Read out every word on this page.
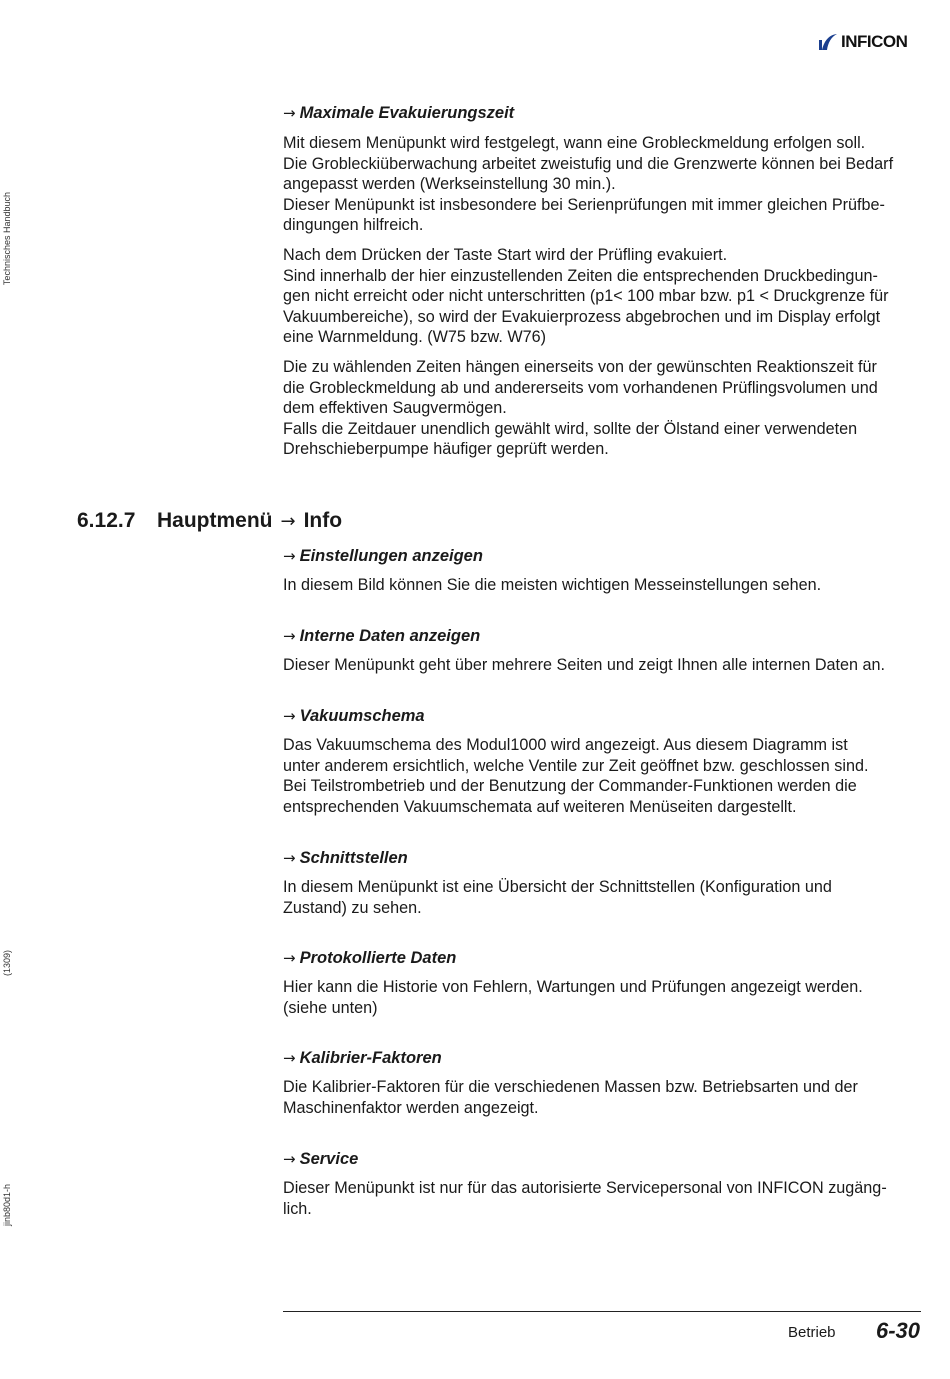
INFICON
Technisches Handbuch
(1309)
jinb80d1-h
→ Maximale Evakuierungszeit

Mit diesem Menüpunkt wird festgelegt, wann eine Grobleckmeldung erfolgen soll.
Die Grobleckiüberwachung arbeitet zweistufig und die Grenzwerte können bei Bedarf
angepasst werden (Werkseinstellung 30 min.).
Dieser Menüpunkt ist insbesondere bei Serienprüfungen mit immer gleichen Prüfbe-
dingungen hilfreich.

Nach dem Drücken der Taste Start wird der Prüfling evakuiert.
Sind innerhalb der hier einzustellenden Zeiten die entsprechenden Druckbedingun-
gen nicht erreicht oder nicht unterschritten (p1< 100 mbar bzw. p1 < Druckgrenze für
Vakuumbereiche), so wird der Evakuierprozess abgebrochen und im Display erfolgt
eine Warnmeldung. (W75 bzw. W76)

Die zu wählenden Zeiten hängen einerseits von der gewünschten Reaktionszeit für
die Grobleckmeldung ab und andererseits vom vorhandenen Prüflingsvolumen und
dem effektiven Saugvermögen.
Falls die Zeitdauer unendlich gewählt wird, sollte der Ölstand einer verwendeten
Drehschieberpumpe häufiger geprüft werden.

6.12.7 Hauptmenü → Info
→ Einstellungen anzeigen

In diesem Bild können Sie die meisten wichtigen Messeinstellungen sehen.

→ Interne Daten anzeigen

Dieser Menüpunkt geht über mehrere Seiten und zeigt Ihnen alle internen Daten an.

→ Vakuumschema

Das Vakuumschema des Modul1000 wird angezeigt. Aus diesem Diagramm ist
unter anderem ersichtlich, welche Ventile zur Zeit geöffnet bzw. geschlossen sind.
Bei Teilstrombetrieb und der Benutzung der Commander-Funktionen werden die
entsprechenden Vakuumschemata auf weiteren Menüseiten dargestellt.

→ Schnittstellen

In diesem Menüpunkt ist eine Übersicht der Schnittstellen (Konfiguration und
Zustand) zu sehen.

→ Protokollierte Daten

Hier kann die Historie von Fehlern, Wartungen und Prüfungen angezeigt werden.
(siehe unten)

→ Kalibrier-Faktoren

Die Kalibrier-Faktoren für die verschiedenen Massen bzw. Betriebsarten und der
Maschinenfaktor werden angezeigt.

→ Service

Dieser Menüpunkt ist nur für das autorisierte Servicepersonal von INFICON zugäng-
lich.

Betrieb 6-30
